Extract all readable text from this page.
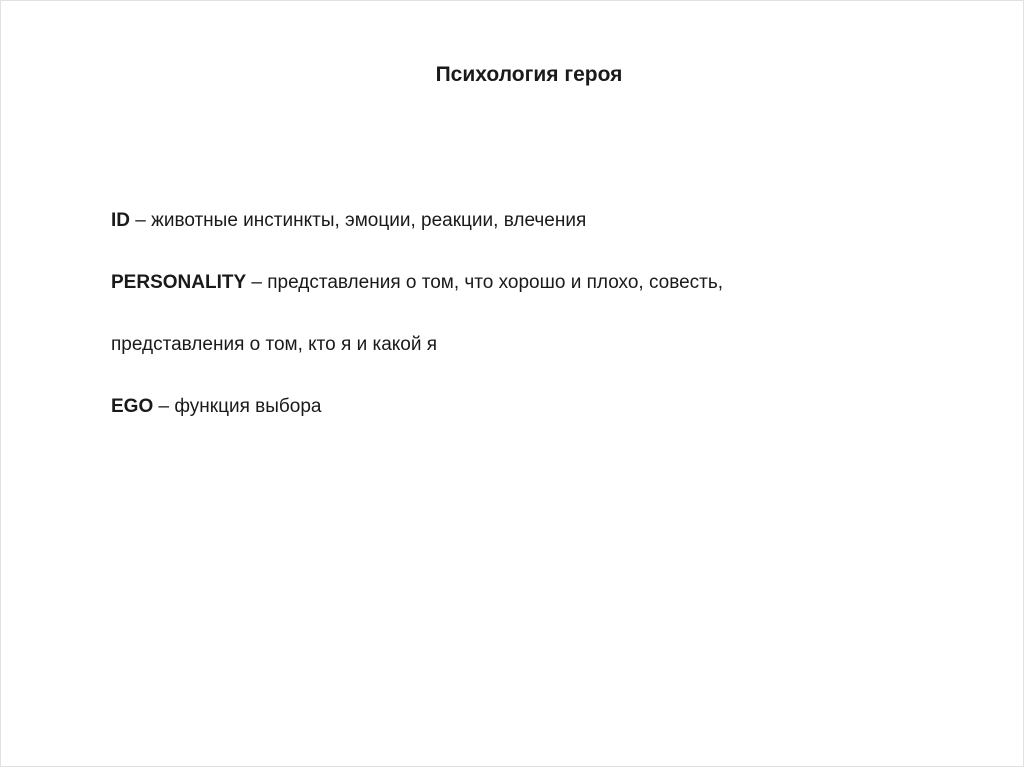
Психология героя
ID – животные инстинкты, эмоции, реакции, влечения
PERSONALITY – представления о том, что хорошо и плохо, совесть,
представления о том, кто я и какой я
EGO – функция выбора
